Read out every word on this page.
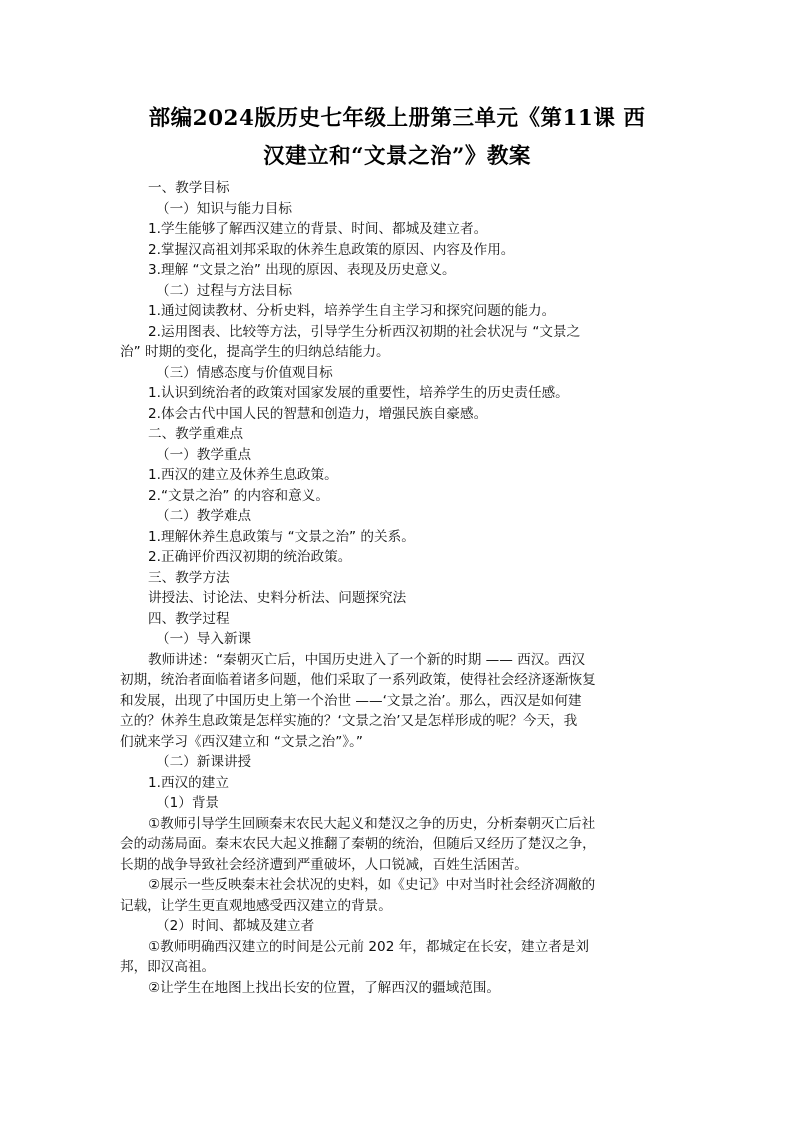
部编2024版历史七年级上册第三单元《第11课 西
汉建立和“文景之治”》教案
一、教学目标
（一）知识与能力目标
1.学生能够了解西汉建立的背景、时间、都城及建立者。
2.掌握汉高祖刘邦采取的休养生息政策的原因、内容及作用。
3.理解 “文景之治” 出现的原因、表现及历史意义。
（二）过程与方法目标
1.通过阅读教材、分析史料，培养学生自主学习和探究问题的能力。
2.运用图表、比较等方法，引导学生分析西汉初期的社会状况与 “文景之
治” 时期的变化，提高学生的归纳总结能力。
（三）情感态度与价值观目标
1.认识到统治者的政策对国家发展的重要性，培养学生的历史责任感。
2.体会古代中国人民的智慧和创造力，增强民族自豪感。
二、教学重难点
（一）教学重点
1.西汉的建立及休养生息政策。
2.“文景之治” 的内容和意义。
（二）教学难点
1.理解休养生息政策与 “文景之治” 的关系。
2.正确评价西汉初期的统治政策。
三、教学方法
讲授法、讨论法、史料分析法、问题探究法
四、教学过程
（一）导入新课
教师讲述：“秦朝灭亡后，中国历史进入了一个新的时期 —— 西汉。西汉
初期，统治者面临着诸多问题，他们采取了一系列政策，使得社会经济逐渐恢复
和发展，出现了中国历史上第一个治世 ——‘文景之治’。那么，西汉是如何建
立的？休养生息政策是怎样实施的？‘文景之治’又是怎样形成的呢？今天，我
们就来学习《西汉建立和 “文景之治”》。”
（二）新课讲授
1.西汉的建立
（1）背景
①教师引导学生回顾秦末农民大起义和楚汉之争的历史，分析秦朝灭亡后社
会的动荡局面。秦末农民大起义推翻了秦朝的统治，但随后又经历了楚汉之争，
长期的战争导致社会经济遭到严重破坏，人口锐减，百姓生活困苦。
②展示一些反映秦末社会状况的史料，如《史记》中对当时社会经济凋敝的
记载，让学生更直观地感受西汉建立的背景。
（2）时间、都城及建立者
①教师明确西汉建立的时间是公元前 202 年，都城定在长安，建立者是刘
邦，即汉高祖。
②让学生在地图上找出长安的位置，了解西汉的疆域范围。
